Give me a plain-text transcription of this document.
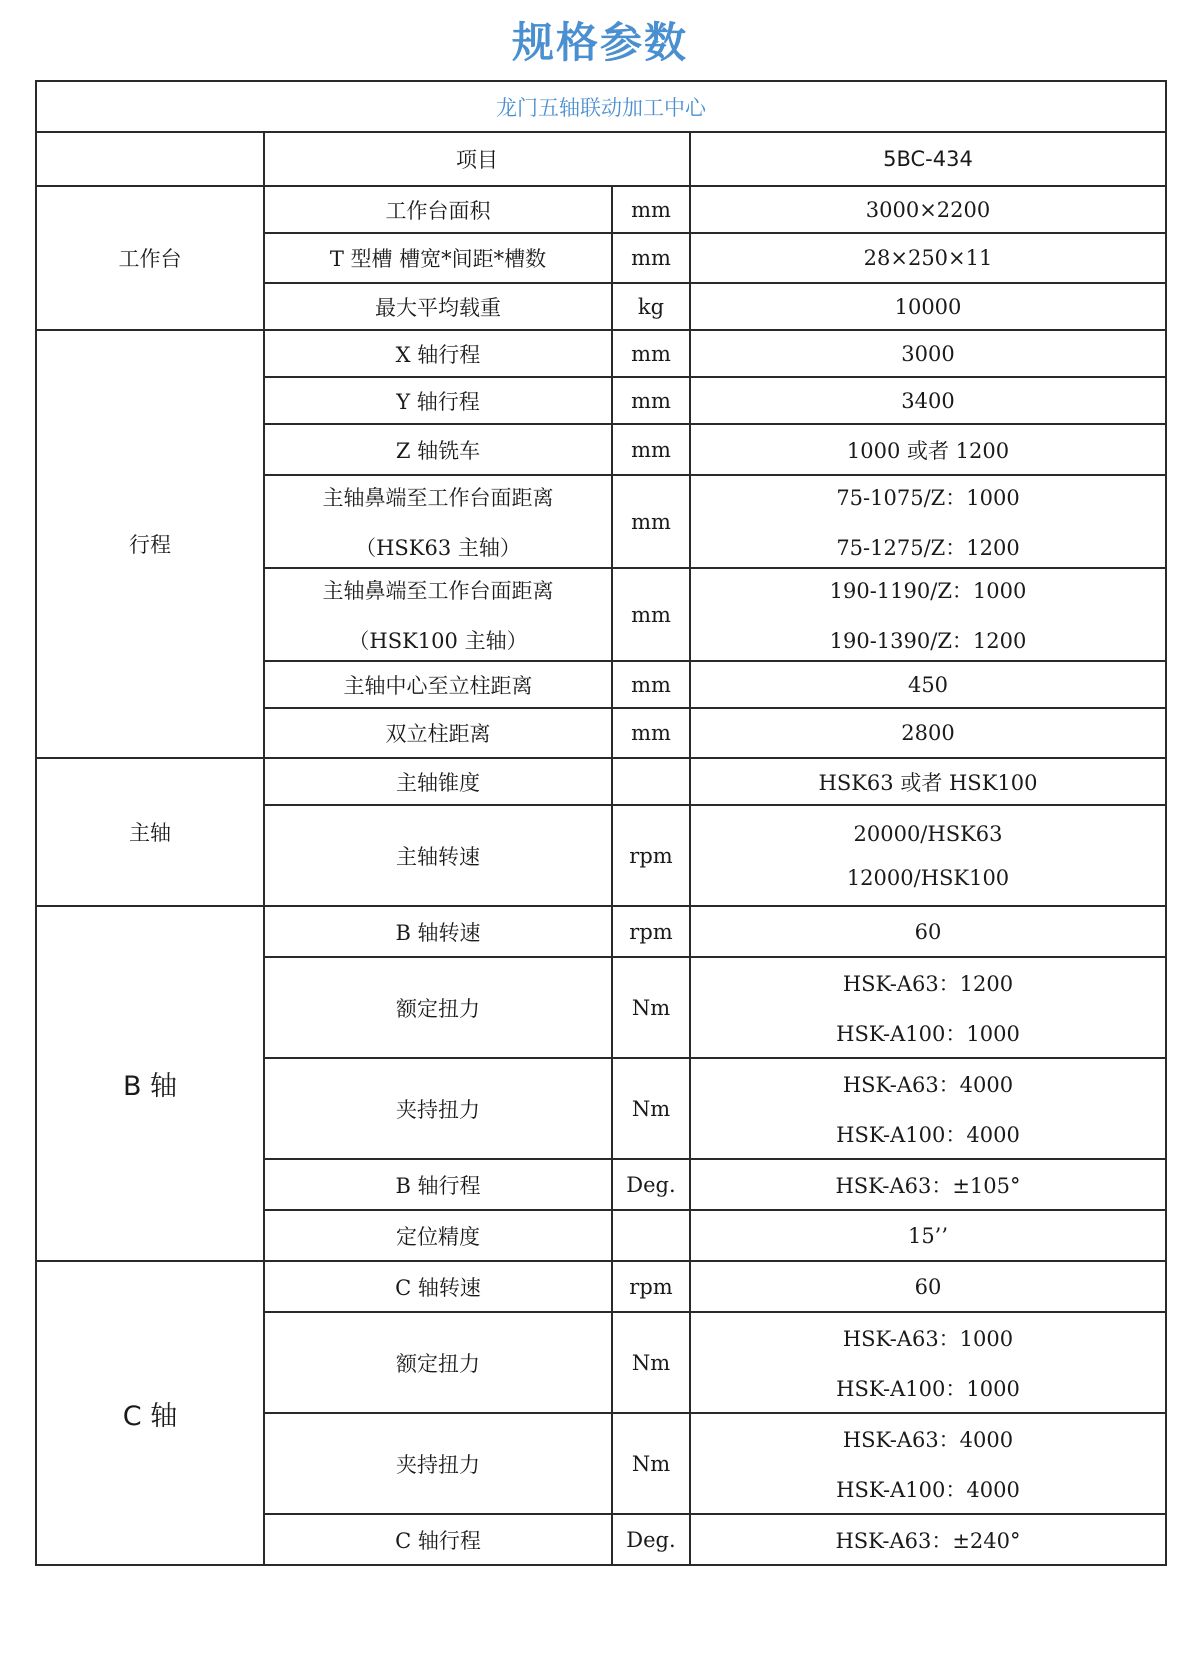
规格参数
龙门五轴联动加工中心			
	项目		5BC-434
工作台	工作台面积	mm	3000×2200

	T 型槽 槽宽*间距*槽数	mm	28×250×11

	最大平均载重	kg	10000

行程	X 轴行程	mm	3000

	Y 轴行程	mm	3400

	Z 轴铣车	mm	1000 或者 1200

	主轴鼻端至工作台面距离
（HSK63 主轴）	mm	75-1075/Z：1000
75-1275/Z：1200

	主轴鼻端至工作台面距离
（HSK100 主轴）	mm	190-1190/Z：1000
190-1390/Z：1200

	主轴中心至立柱距离	mm	450

	双立柱距离	mm	2800

主轴	主轴锥度		HSK63 或者 HSK100

	主轴转速	rpm	20000/HSK63
12000/HSK100

B 轴	B 轴转速	rpm	60

	额定扭力	Nm	HSK-A63：1200
HSK-A100：1000

	夹持扭力	Nm	HSK-A63：4000
HSK-A100：4000

	B 轴行程	Deg.	HSK-A63：±105°

	定位精度		15’’

C 轴	C 轴转速	rpm	60

	额定扭力	Nm	HSK-A63：1000
HSK-A100：1000

	夹持扭力	Nm	HSK-A63：4000
HSK-A100：4000

	C 轴行程	Deg.	HSK-A63：±240°
